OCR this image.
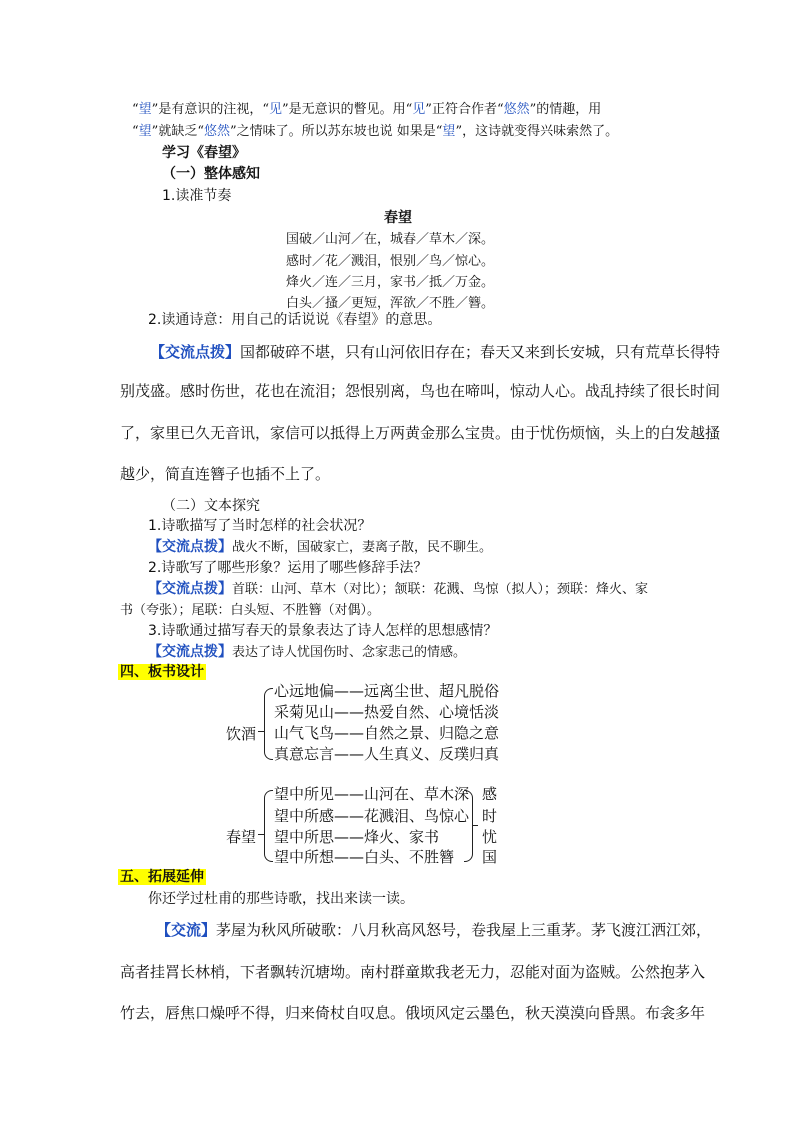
“望”是有意识的注视，“见”是无意识的瞥见。用“见”正符合作者“悠然”的情趣，用
“望”就缺乏“悠然”之情味了。所以苏东坡也说 如果是“望”，这诗就变得兴味索然了。
学习《春望》
（一）整体感知
1.读准节奏
春望
国破／山河／在，城春／草木／深。
感时／花／溅泪，恨别／鸟／惊心。
烽火／连／三月，家书／抵／万金。
白头／搔／更短，浑欲／不胜／簪。
2.读通诗意：用自己的话说说《春望》的意思。
【交流点拨】国都破碎不堪，只有山河依旧存在；春天又来到长安城，只有荒草长得特
别茂盛。感时伤世，花也在流泪；怨恨别离，鸟也在啼叫，惊动人心。战乱持续了很长时间
了，家里已久无音讯，家信可以抵得上万两黄金那么宝贵。由于忧伤烦恼，头上的白发越搔
越少，简直连簪子也插不上了。
（二）文本探究
1.诗歌描写了当时怎样的社会状况？
【交流点拨】战火不断，国破家亡，妻离子散，民不聊生。
2.诗歌写了哪些形象？运用了哪些修辞手法？
【交流点拨】首联：山河、草木（对比）；颔联：花溅、鸟惊（拟人）；颈联：烽火、家
书（夸张）；尾联：白头短、不胜簪（对偶）。
3.诗歌通过描写春天的景象表达了诗人怎样的思想感情？
【交流点拨】表达了诗人忧国伤时、念家悲己的情感。
四、板书设计
饮酒
心远地偏——远离尘世、超凡脱俗
采菊见山——热爱自然、心境恬淡
山气飞鸟——自然之景、归隐之意
真意忘言——人生真义、反璞归真
春望
望中所见——山河在、草木深
望中所感——花溅泪、鸟惊心
望中所思——烽火、家书
望中所想——白头、不胜簪
感
时
忧
国
五、拓展延伸
你还学过杜甫的那些诗歌，找出来读一读。
【交流】茅屋为秋风所破歌：八月秋高风怒号，卷我屋上三重茅。茅飞渡江洒江郊，
高者挂罥长林梢，下者飘转沉塘坳。南村群童欺我老无力，忍能对面为盗贼。公然抱茅入
竹去，唇焦口燥呼不得，归来倚杖自叹息。俄顷风定云墨色，秋天漠漠向昏黑。布衾多年
